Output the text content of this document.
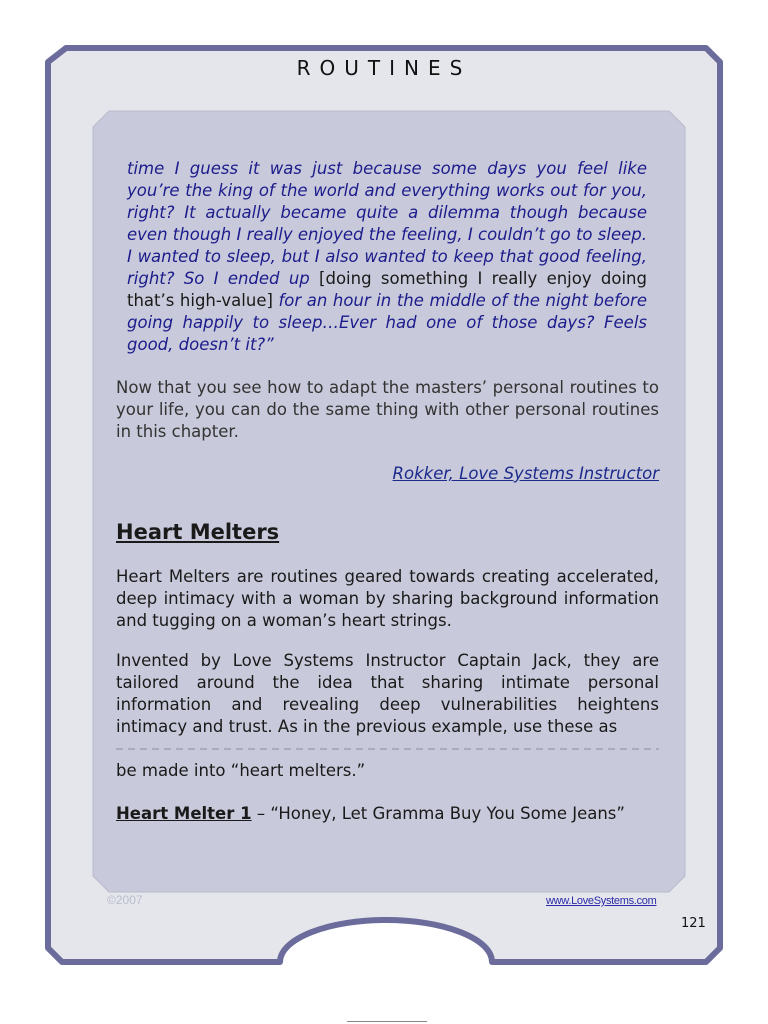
ROUTINES

time I guess it was just because some days you feel like you’re the king of the world and everything works out for you, right? It actually became quite a dilemma though because even though I really enjoyed the feeling, I couldn’t go to sleep. I wanted to sleep, but I also wanted to keep that good feeling, right? So I ended up [doing something I really enjoy doing that’s high-value] for an hour in the middle of the night before going happily to sleep…Ever had one of those days? Feels good, doesn’t it?”

Now that you see how to adapt the masters’ personal routines to your life, you can do the same thing with other personal routines in this chapter.

Rokker, Love Systems Instructor
Heart Melters

Heart Melters are routines geared towards creating accelerated, deep intimacy with a woman by sharing background information and tugging on a woman’s heart strings.

Invented by Love Systems Instructor Captain Jack, they are tailored around the idea that sharing intimate personal information and revealing deep vulnerabilities heightens intimacy and trust. As in the previous example, use these as

be made into “heart melters.”

Heart Melter 1 – “Honey, Let Gramma Buy You Some Jeans”

©2007	www.LoveSystems.com
121
